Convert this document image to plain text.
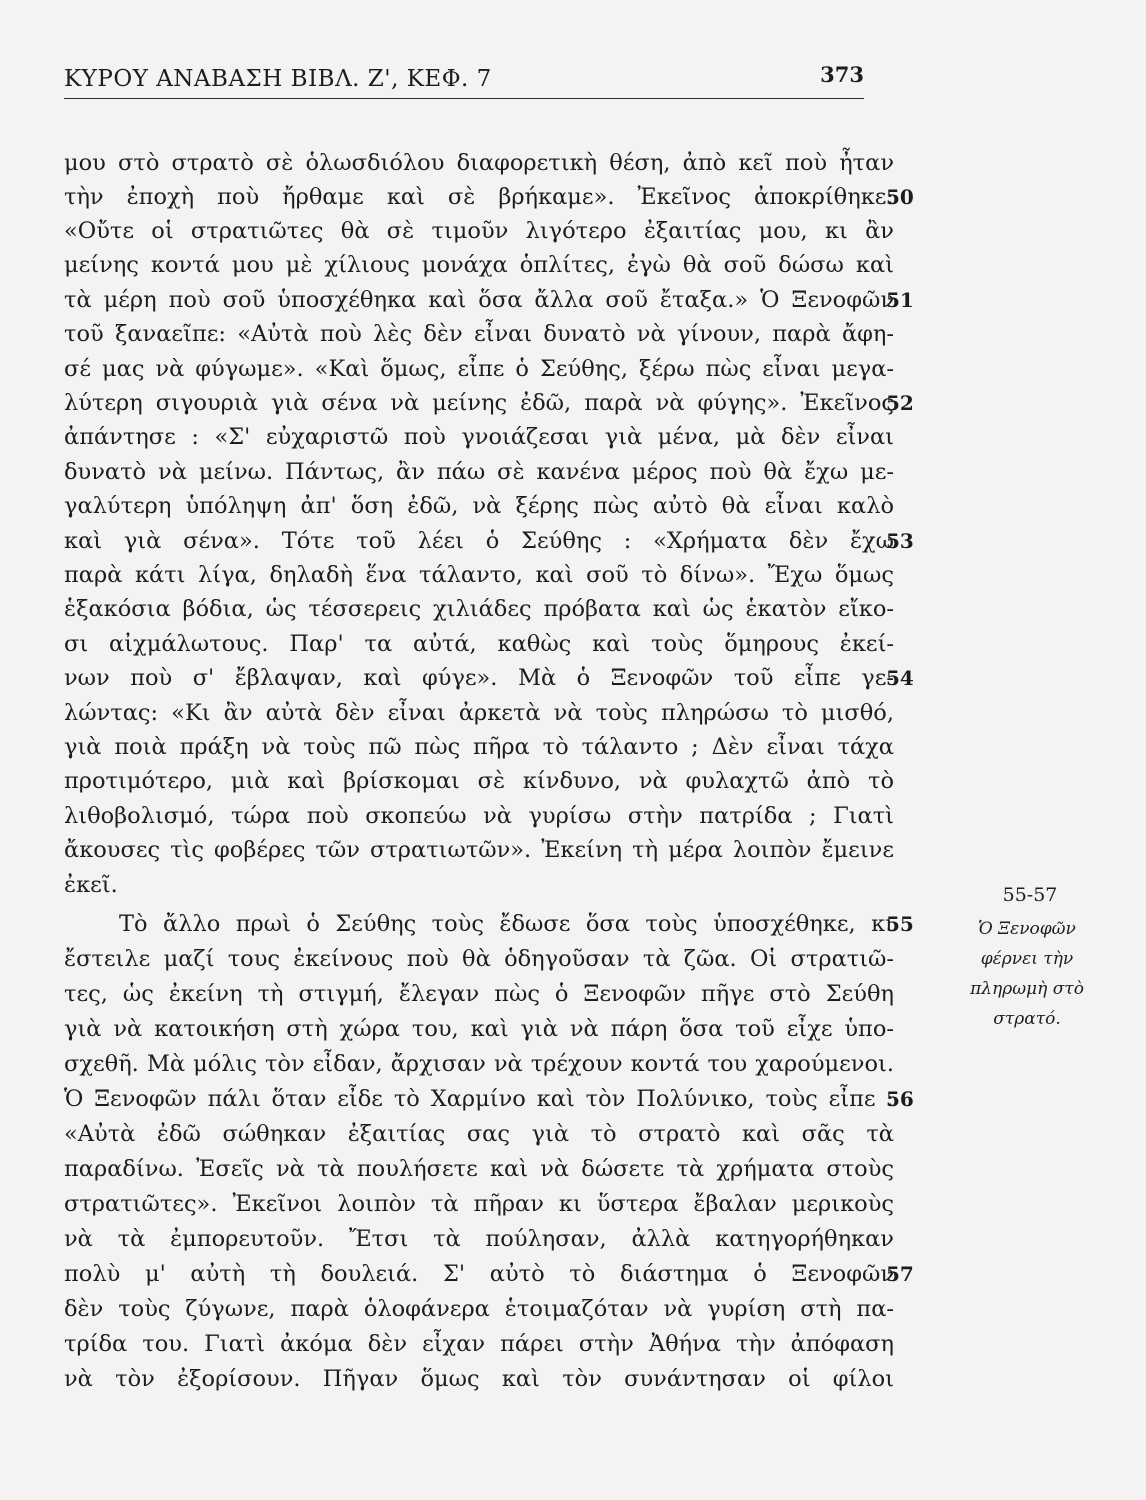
ΚΥΡΟΥ ΑΝΑΒΑΣΗ ΒΙΒΛ. Ζ', ΚΕΦ. 7	373
μου στὸ στρατὸ σὲ ὁλωσδιόλου διαφορετικὴ θέση, ἀπὸ κεῖ ποὺ ἦταν
τὴν ἐποχὴ ποὺ ἤρθαμε καὶ σὲ βρήκαμε». Ἐκεῖνος ἀποκρίθηκε:
«Οὔτε οἱ στρατιῶτες θὰ σὲ τιμοῦν λιγότερο ἐξαιτίας μου, κι ἂν
μείνης κοντά μου μὲ χίλιους μονάχα ὁπλίτες, ἐγὼ θὰ σοῦ δώσω καὶ
τὰ μέρη ποὺ σοῦ ὑποσχέθηκα καὶ ὅσα ἄλλα σοῦ ἔταξα.» Ὁ Ξενοφῶν
τοῦ ξαναεῖπε: «Αὐτὰ ποὺ λὲς δὲν εἶναι δυνατὸ νὰ γίνουν, παρὰ ἄφη-
σέ μας νὰ φύγωμε». «Καὶ ὅμως, εἶπε ὁ Σεύθης, ξέρω πὼς εἶναι μεγα-
λύτερη σιγουριὰ γιὰ σένα νὰ μείνης ἐδῶ, παρὰ νὰ φύγης». Ἐκεῖνος
ἀπάντησε : «Σ' εὐχαριστῶ ποὺ γνοιάζεσαι γιὰ μένα, μὰ δὲν εἶναι
δυνατὸ νὰ μείνω. Πάντως, ἂν πάω σὲ κανένα μέρος ποὺ θὰ ἔχω με-
γαλύτερη ὑπόληψη ἀπ' ὅση ἐδῶ, νὰ ξέρης πὼς αὐτὸ θὰ εἶναι καλὸ
καὶ γιὰ σένα». Τότε τοῦ λέει ὁ Σεύθης : «Χρήματα δὲν ἔχω
παρὰ κάτι λίγα, δηλαδὴ ἕνα τάλαντο, καὶ σοῦ τὸ δίνω». Ἔχω ὅμως
ἑξακόσια βόδια, ὡς τέσσερεις χιλιάδες πρόβατα καὶ ὡς ἑκατὸν εἴκο-
σι αἰχμάλωτους. Παρ' τα αὐτά, καθὼς καὶ τοὺς ὅμηρους ἐκεί-
νων ποὺ σ' ἔβλαψαν, καὶ φύγε». Μὰ ὁ Ξενοφῶν τοῦ εἶπε γε-
λώντας: «Κι ἂν αὐτὰ δὲν εἶναι ἀρκετὰ νὰ τοὺς πληρώσω τὸ μισθό,
γιὰ ποιὰ πράξη νὰ τοὺς πῶ πὼς πῆρα τὸ τάλαντο ; Δὲν εἶναι τάχα
προτιμότερο, μιὰ καὶ βρίσκομαι σὲ κίνδυνο, νὰ φυλαχτῶ ἀπὸ τὸ
λιθοβολισμό, τώρα ποὺ σκοπεύω νὰ γυρίσω στὴν πατρίδα ; Γιατὶ
ἄκουσες τὶς φοβέρες τῶν στρατιωτῶν». Ἐκείνη τὴ μέρα λοιπὸν ἔμεινε
ἐκεῖ.
Τὸ ἄλλο πρωὶ ὁ Σεύθης τοὺς ἔδωσε ὅσα τοὺς ὑποσχέθηκε, κι
ἔστειλε μαζί τους ἐκείνους ποὺ θὰ ὁδηγοῦσαν τὰ ζῶα. Οἱ στρατιῶ-
τες, ὡς ἐκείνη τὴ στιγμή, ἔλεγαν πὼς ὁ Ξενοφῶν πῆγε στὸ Σεύθη
γιὰ νὰ κατοικήση στὴ χώρα του, καὶ γιὰ νὰ πάρη ὅσα τοῦ εἶχε ὑπο-
σχεθῆ. Μὰ μόλις τὸν εἶδαν, ἄρχισαν νὰ τρέχουν κοντά του χαρούμενοι.
Ὁ Ξενοφῶν πάλι ὅταν εἶδε τὸ Χαρμίνο καὶ τὸν Πολύνικο, τοὺς εἶπε :
«Αὐτὰ ἐδῶ σώθηκαν ἐξαιτίας σας γιὰ τὸ στρατὸ καὶ σᾶς τὰ
παραδίνω. Ἐσεῖς νὰ τὰ πουλήσετε καὶ νὰ δώσετε τὰ χρήματα στοὺς
στρατιῶτες». Ἐκεῖνοι λοιπὸν τὰ πῆραν κι ὕστερα ἔβαλαν μερικοὺς
νὰ τὰ ἐμπορευτοῦν. Ἔτσι τὰ πούλησαν, ἀλλὰ κατηγορήθηκαν
πολὺ μ' αὐτὴ τὴ δουλειά. Σ' αὐτὸ τὸ διάστημα ὁ Ξενοφῶν
δὲν τοὺς ζύγωνε, παρὰ ὁλοφάνερα ἑτοιμαζόταν νὰ γυρίση στὴ πα-
τρίδα του. Γιατὶ ἀκόμα δὲν εἶχαν πάρει στὴν Ἀθήνα τὴν ἀπόφαση
νὰ τὸν ἐξορίσουν. Πῆγαν ὅμως καὶ τὸν συνάντησαν οἱ φίλοι
50
51
52
53
54
55
56
57
55-57
Ὁ Ξενοφῶν
φέρνει τὴν
πληρωμὴ στὸ
στρατό.
